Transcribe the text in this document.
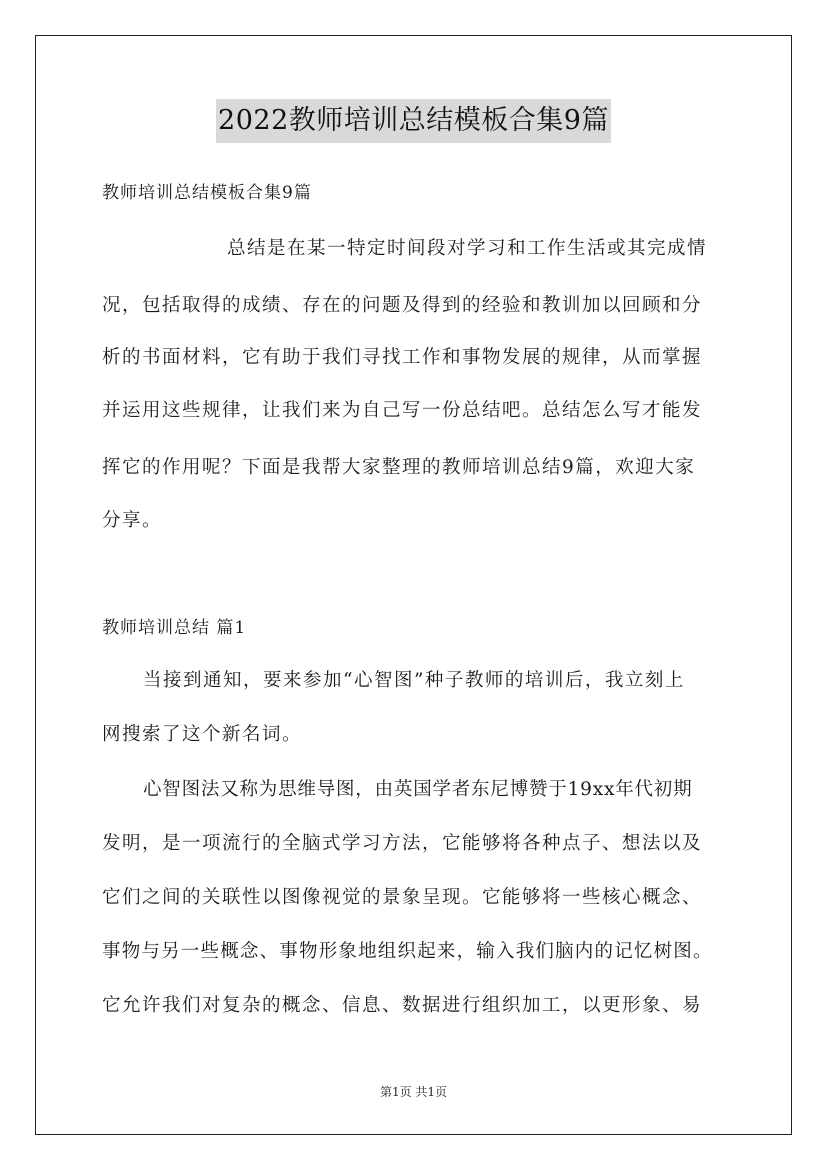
2022教师培训总结模板合集9篇
教师培训总结模板合集9篇
总结是在某一特定时间段对学习和工作生活或其完成情
况，包括取得的成绩、存在的问题及得到的经验和教训加以回顾和分
析的书面材料，它有助于我们寻找工作和事物发展的规律，从而掌握
并运用这些规律，让我们来为自己写一份总结吧。总结怎么写才能发
挥它的作用呢？下面是我帮大家整理的教师培训总结9篇，欢迎大家
分享。
教师培训总结 篇1
当接到通知，要来参加“心智图”种子教师的培训后，我立刻上
网搜索了这个新名词。
心智图法又称为思维导图，由英国学者东尼博赞于19xx年代初期
发明，是一项流行的全脑式学习方法，它能够将各种点子、想法以及
它们之间的关联性以图像视觉的景象呈现。它能够将一些核心概念、
事物与另一些概念、事物形象地组织起来，输入我们脑内的记忆树图。
它允许我们对复杂的概念、信息、数据进行组织加工，以更形象、易
第1页 共1页
